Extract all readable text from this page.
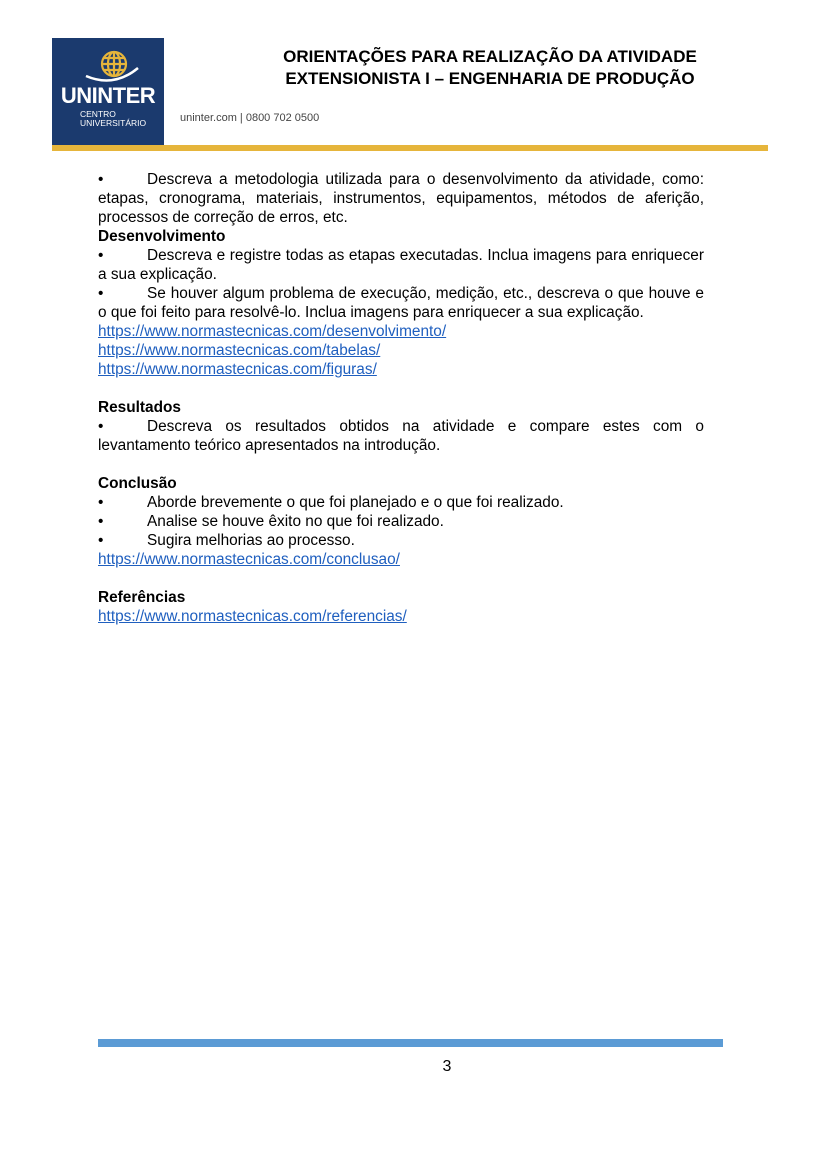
UNINTER
CENTRO
UNIVERSITÁRIO	uninter.com | 0800 702 0500
ORIENTAÇÕES PARA REALIZAÇÃO DA ATIVIDADE
EXTENSIONISTA I – ENGENHARIA DE PRODUÇÃO

•	Descreva a metodologia utilizada para o desenvolvimento da atividade, como: etapas, cronograma, materiais, instrumentos, equipamentos, métodos de aferição, processos de correção de erros, etc.

Desenvolvimento

•	Descreva e registre todas as etapas executadas. Inclua imagens para enriquecer a sua explicação.

•	Se houver algum problema de execução, medição, etc., descreva o que houve e o que foi feito para resolvê-lo. Inclua imagens para enriquecer a sua explicação.

https://www.normastecnicas.com/desenvolvimento/
https://www.normastecnicas.com/tabelas/
https://www.normastecnicas.com/figuras/

Resultados

•	Descreva os resultados obtidos na atividade e compare estes com o levantamento teórico apresentados na introdução.

Conclusão

•	Aborde brevemente o que foi planejado e o que foi realizado.

•	Analise se houve êxito no que foi realizado.

•	Sugira melhorias ao processo.

https://www.normastecnicas.com/conclusao/

Referências

https://www.normastecnicas.com/referencias/
3
